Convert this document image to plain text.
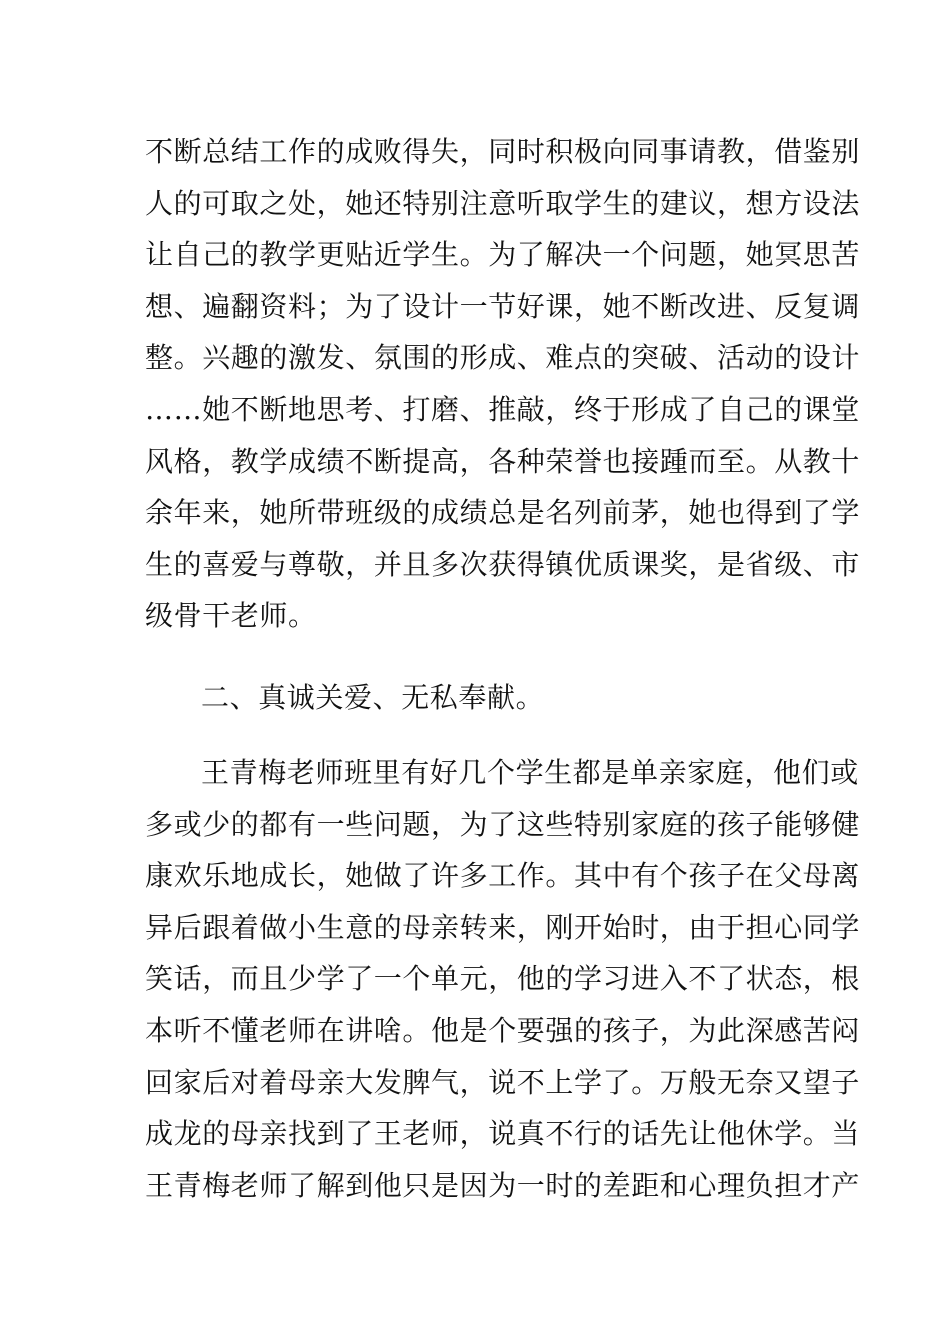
不断总结工作的成败得失，同时积极向同事请教，借鉴别
人的可取之处，她还特别注意听取学生的建议，想方设法
让自己的教学更贴近学生。为了解决一个问题，她冥思苦
想、遍翻资料；为了设计一节好课，她不断改进、反复调
整。兴趣的激发、氛围的形成、难点的突破、活动的设计
……她不断地思考、打磨、推敲，终于形成了自己的课堂
风格，教学成绩不断提高，各种荣誉也接踵而至。从教十
余年来，她所带班级的成绩总是名列前茅，她也得到了学
生的喜爱与尊敬，并且多次获得镇优质课奖，是省级、市
级骨干老师。
二、真诚关爱、无私奉献。
王青梅老师班里有好几个学生都是单亲家庭，他们或
多或少的都有一些问题，为了这些特别家庭的孩子能够健
康欢乐地成长，她做了许多工作。其中有个孩子在父母离
异后跟着做小生意的母亲转来，刚开始时，由于担心同学
笑话，而且少学了一个单元，他的学习进入不了状态，根
本听不懂老师在讲啥。他是个要强的孩子，为此深感苦闷
回家后对着母亲大发脾气，说不上学了。万般无奈又望子
成龙的母亲找到了王老师，说真不行的话先让他休学。当
王青梅老师了解到他只是因为一时的差距和心理负担才产
